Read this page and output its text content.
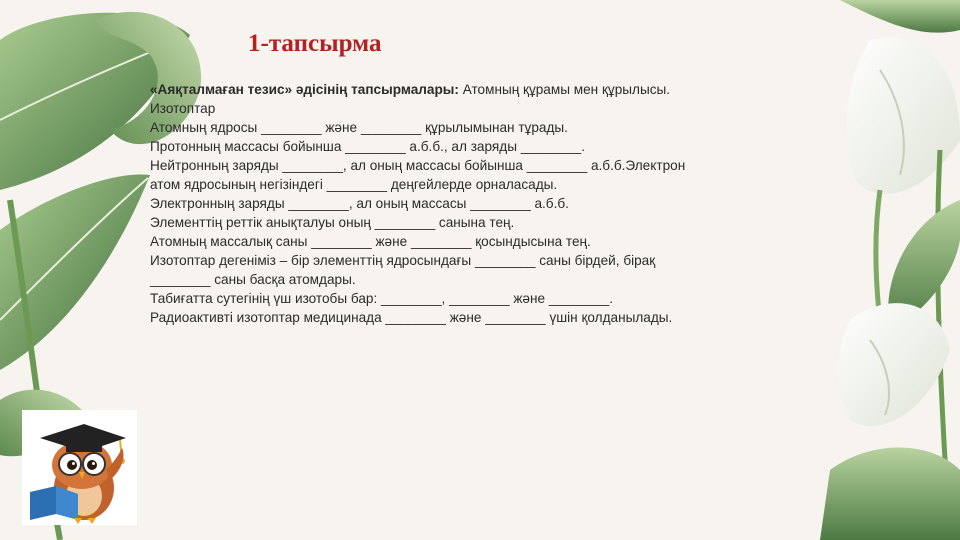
1-тапсырма
«Аяқталмаған тезис» әдісінің тапсырмалары: Атомның құрамы мен құрылысы.
Изотоптар
Атомның ядросы ________ және ________ құрылымынан тұрады.
Протонның массасы бойынша ________ а.б.б., ал заряды ________.
Нейтронның заряды ________, ал оның массасы бойынша ________ а.б.б.Электрон
атом ядросының негізіндегі ________ деңгейлерде орналасады.
Электронның заряды ________, ал оның массасы ________ а.б.б.
Элементтің реттік анықталуы оның ________ санына тең.
Атомның массалық саны ________ және ________ қосындысына тең.
Изотоптар дегеніміз – бір элементтің ядросындағы ________ саны бірдей, бірақ
________ саны басқа атомдары.
Табиғатта сутегінің үш изотобы бар: ________, ________ және ________.
Радиоактивті изотоптар медицинада ________ және ________ үшін қолданылады.
